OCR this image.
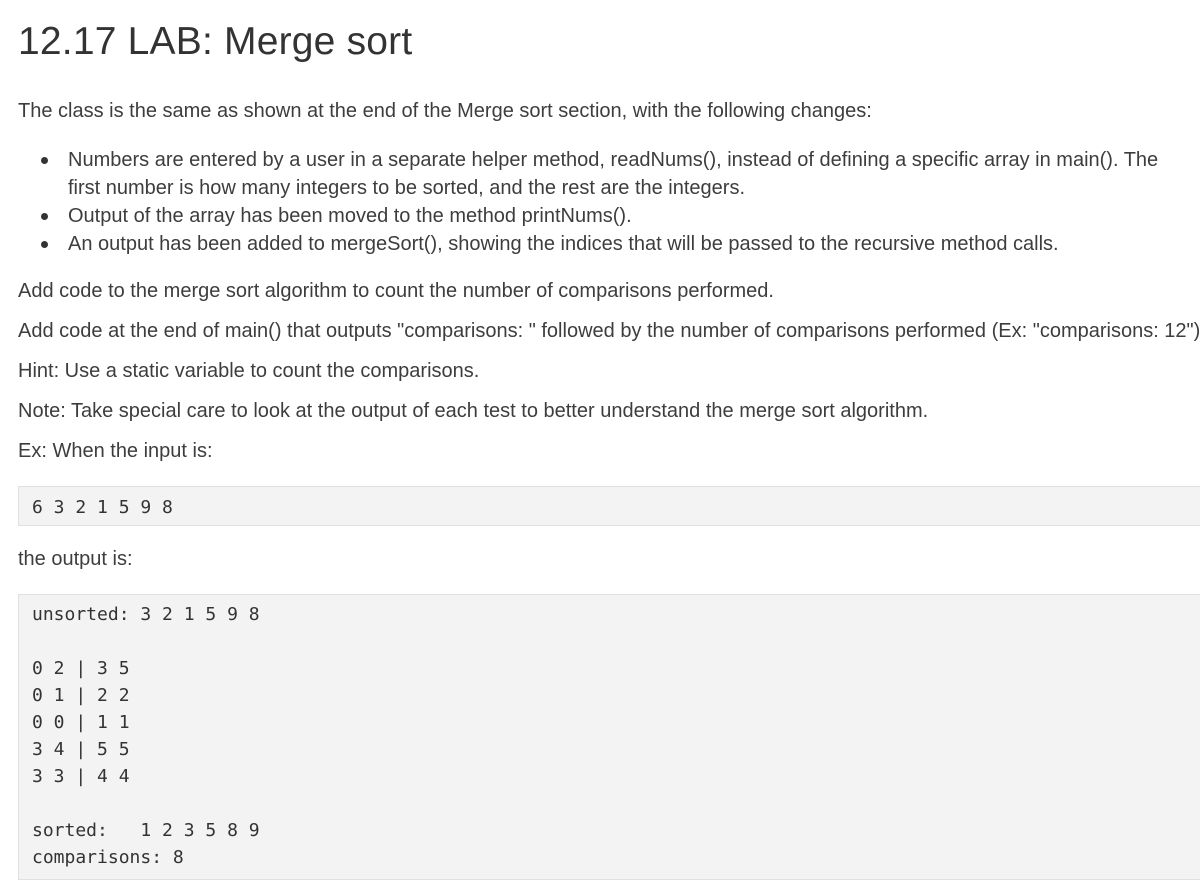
12.17 LAB: Merge sort

The class is the same as shown at the end of the Merge sort section, with the following changes:

Numbers are entered by a user in a separate helper method, readNums(), instead of defining a specific array in main(). The first number is how many integers to be sorted, and the rest are the integers.
Output of the array has been moved to the method printNums().
An output has been added to mergeSort(), showing the indices that will be passed to the recursive method calls.

Add code to the merge sort algorithm to count the number of comparisons performed.

Add code at the end of main() that outputs "comparisons: " followed by the number of comparisons performed (Ex: "comparisons: 12")

Hint: Use a static variable to count the comparisons.

Note: Take special care to look at the output of each test to better understand the merge sort algorithm.

Ex: When the input is:

6 3 2 1 5 9 8

the output is:

unsorted: 3 2 1 5 9 8
0 2 | 3 5
0 1 | 2 2
0 0 | 1 1
3 4 | 5 5
3 3 | 4 4
sorted:   1 2 3 5 8 9
comparisons: 8
